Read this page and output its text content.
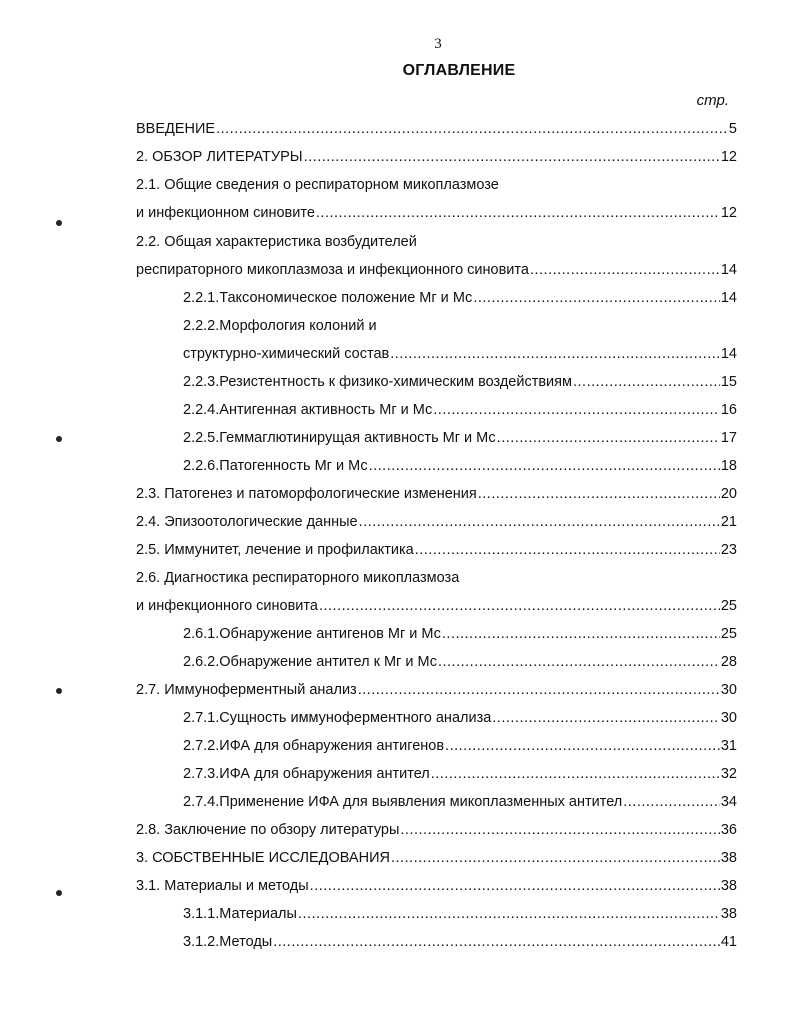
3
ОГЛАВЛЕНИЕ
стр.
ВВЕДЕНИЕ .....	5
2. ОБЗОР ЛИТЕРАТУРЫ .....	12
2.1. Общие сведения о респираторном микоплазмозе
и инфекционном синовите .....	12
2.2. Общая характеристика возбудителей
респираторного микоплазмоза и инфекционного синовита .....	14
2.2.1.Таксономическое положение Мг и Мс .....	14
2.2.2.Морфология колоний и
структурно-химический состав .....	14
2.2.3.Резистентность к физико-химическим воздействиям .....	15
2.2.4.Антигенная активность Мг и Мс .....	16
2.2.5.Геммаглютинирущая активность Мг и Мс .....	17
2.2.6.Патогенность Мг и Мс .....	18
2.3. Патогенез и патоморфологические изменения .....	20
2.4. Эпизоотологические данные .....	21
2.5. Иммунитет, лечение и профилактика .....	23
2.6. Диагностика респираторного микоплазмоза
и инфекционного синовита .....	25
2.6.1.Обнаружение антигенов Мг и Мс .....	25
2.6.2.Обнаружение антител к Мг и Мс .....	28
2.7. Иммуноферментный анализ .....	30
2.7.1.Сущность иммуноферментного анализа .....	30
2.7.2.ИФА для обнаружения антигенов .....	31
2.7.3.ИФА для обнаружения антител .....	32
2.7.4.Применение ИФА для выявления микоплазменных антител .....	34
2.8. Заключение по обзору литературы .....	36
3. СОБСТВЕННЫЕ ИССЛЕДОВАНИЯ .....	38
3.1. Материалы и методы .....	38
3.1.1.Материалы .....	38
3.1.2.Методы .....	41
